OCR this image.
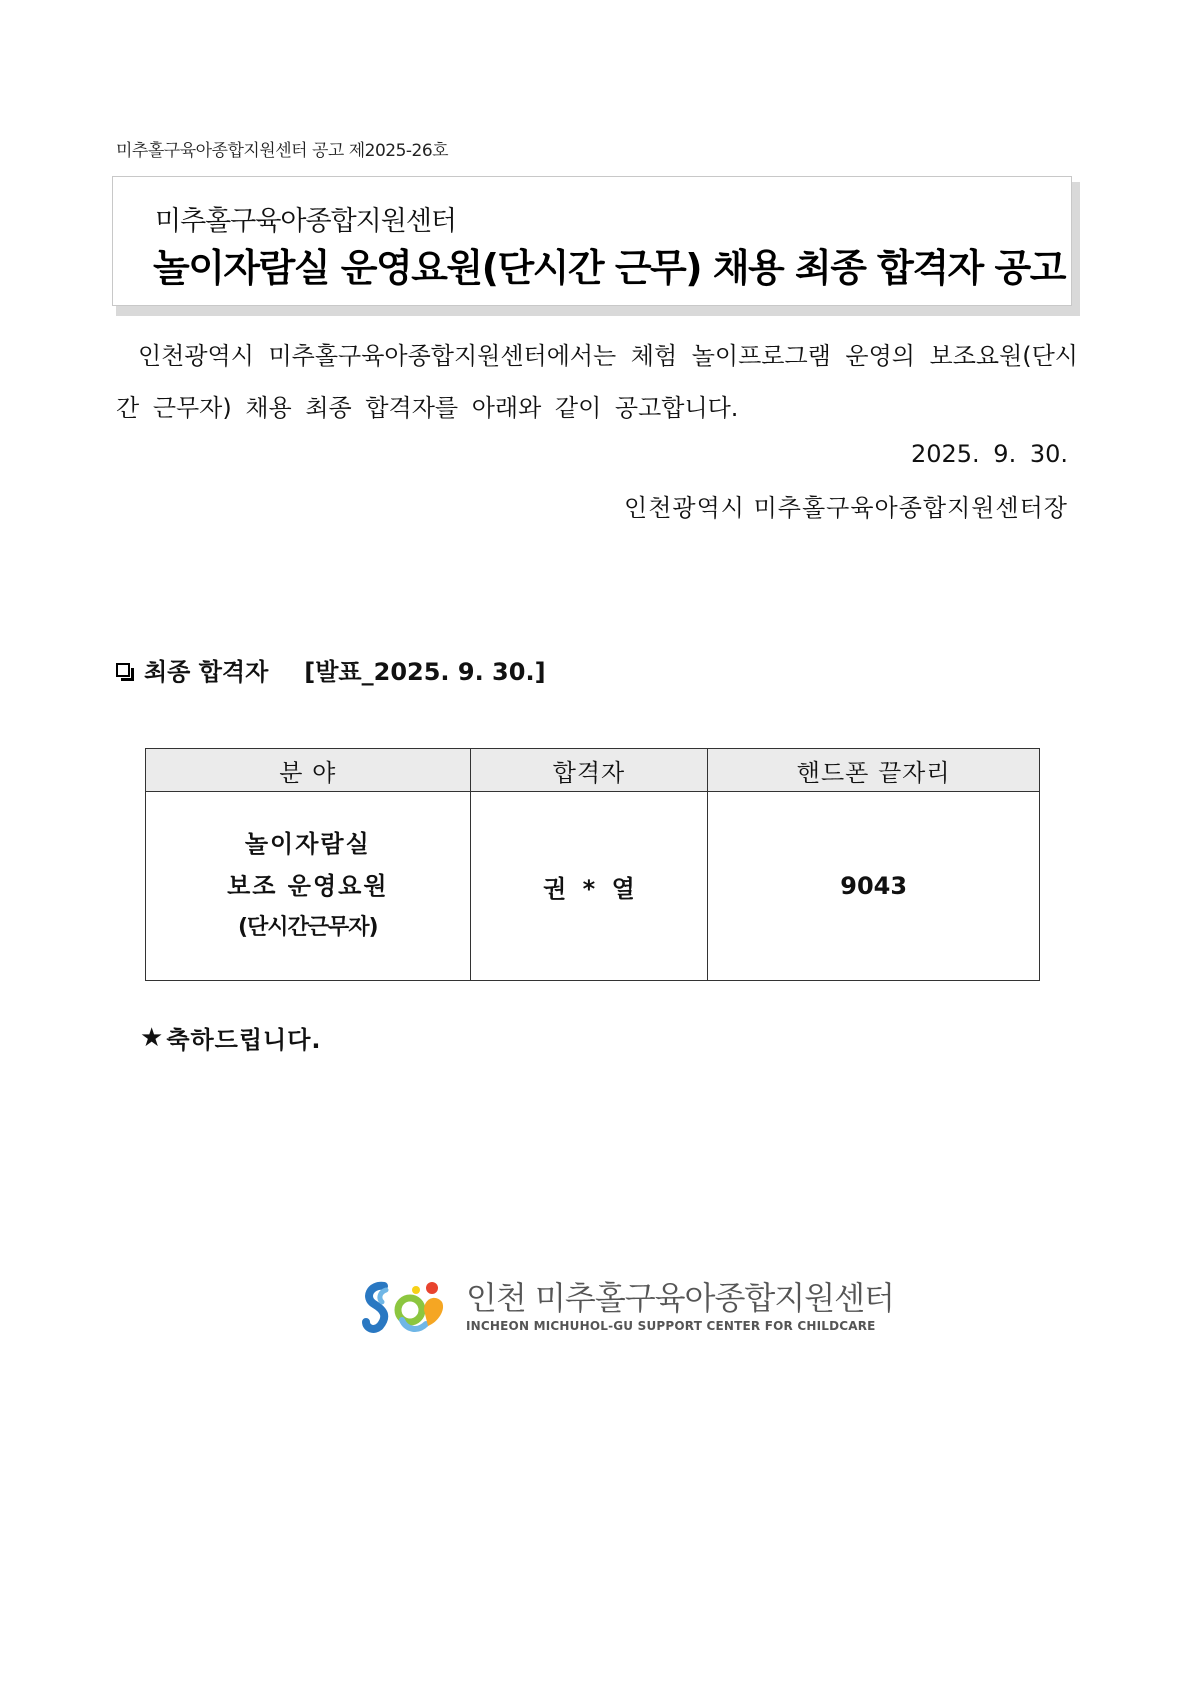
미추홀구육아종합지원센터 공고 제2025-26호
미추홀구육아종합지원센터
놀이자람실 운영요원(단시간 근무) 채용 최종 합격자 공고
인천광역시 미추홀구육아종합지원센터에서는 체험 놀이프로그램 운영의 보조요원(단시간 근무자) 채용 최종 합격자를 아래와 같이 공고합니다.
2025. 9. 30.
인천광역시 미추홀구육아종합지원센터장
최종 합격자 [발표_2025. 9. 30.]
분 야	합격자	핸드폰 끝자리

놀이자람실
보조 운영요원
(단시간근무자)	권 * 열	9043
★ 축하드립니다.
인천 미추홀구육아종합지원센터
INCHEON MICHUHOL-GU SUPPORT CENTER FOR CHILDCARE
